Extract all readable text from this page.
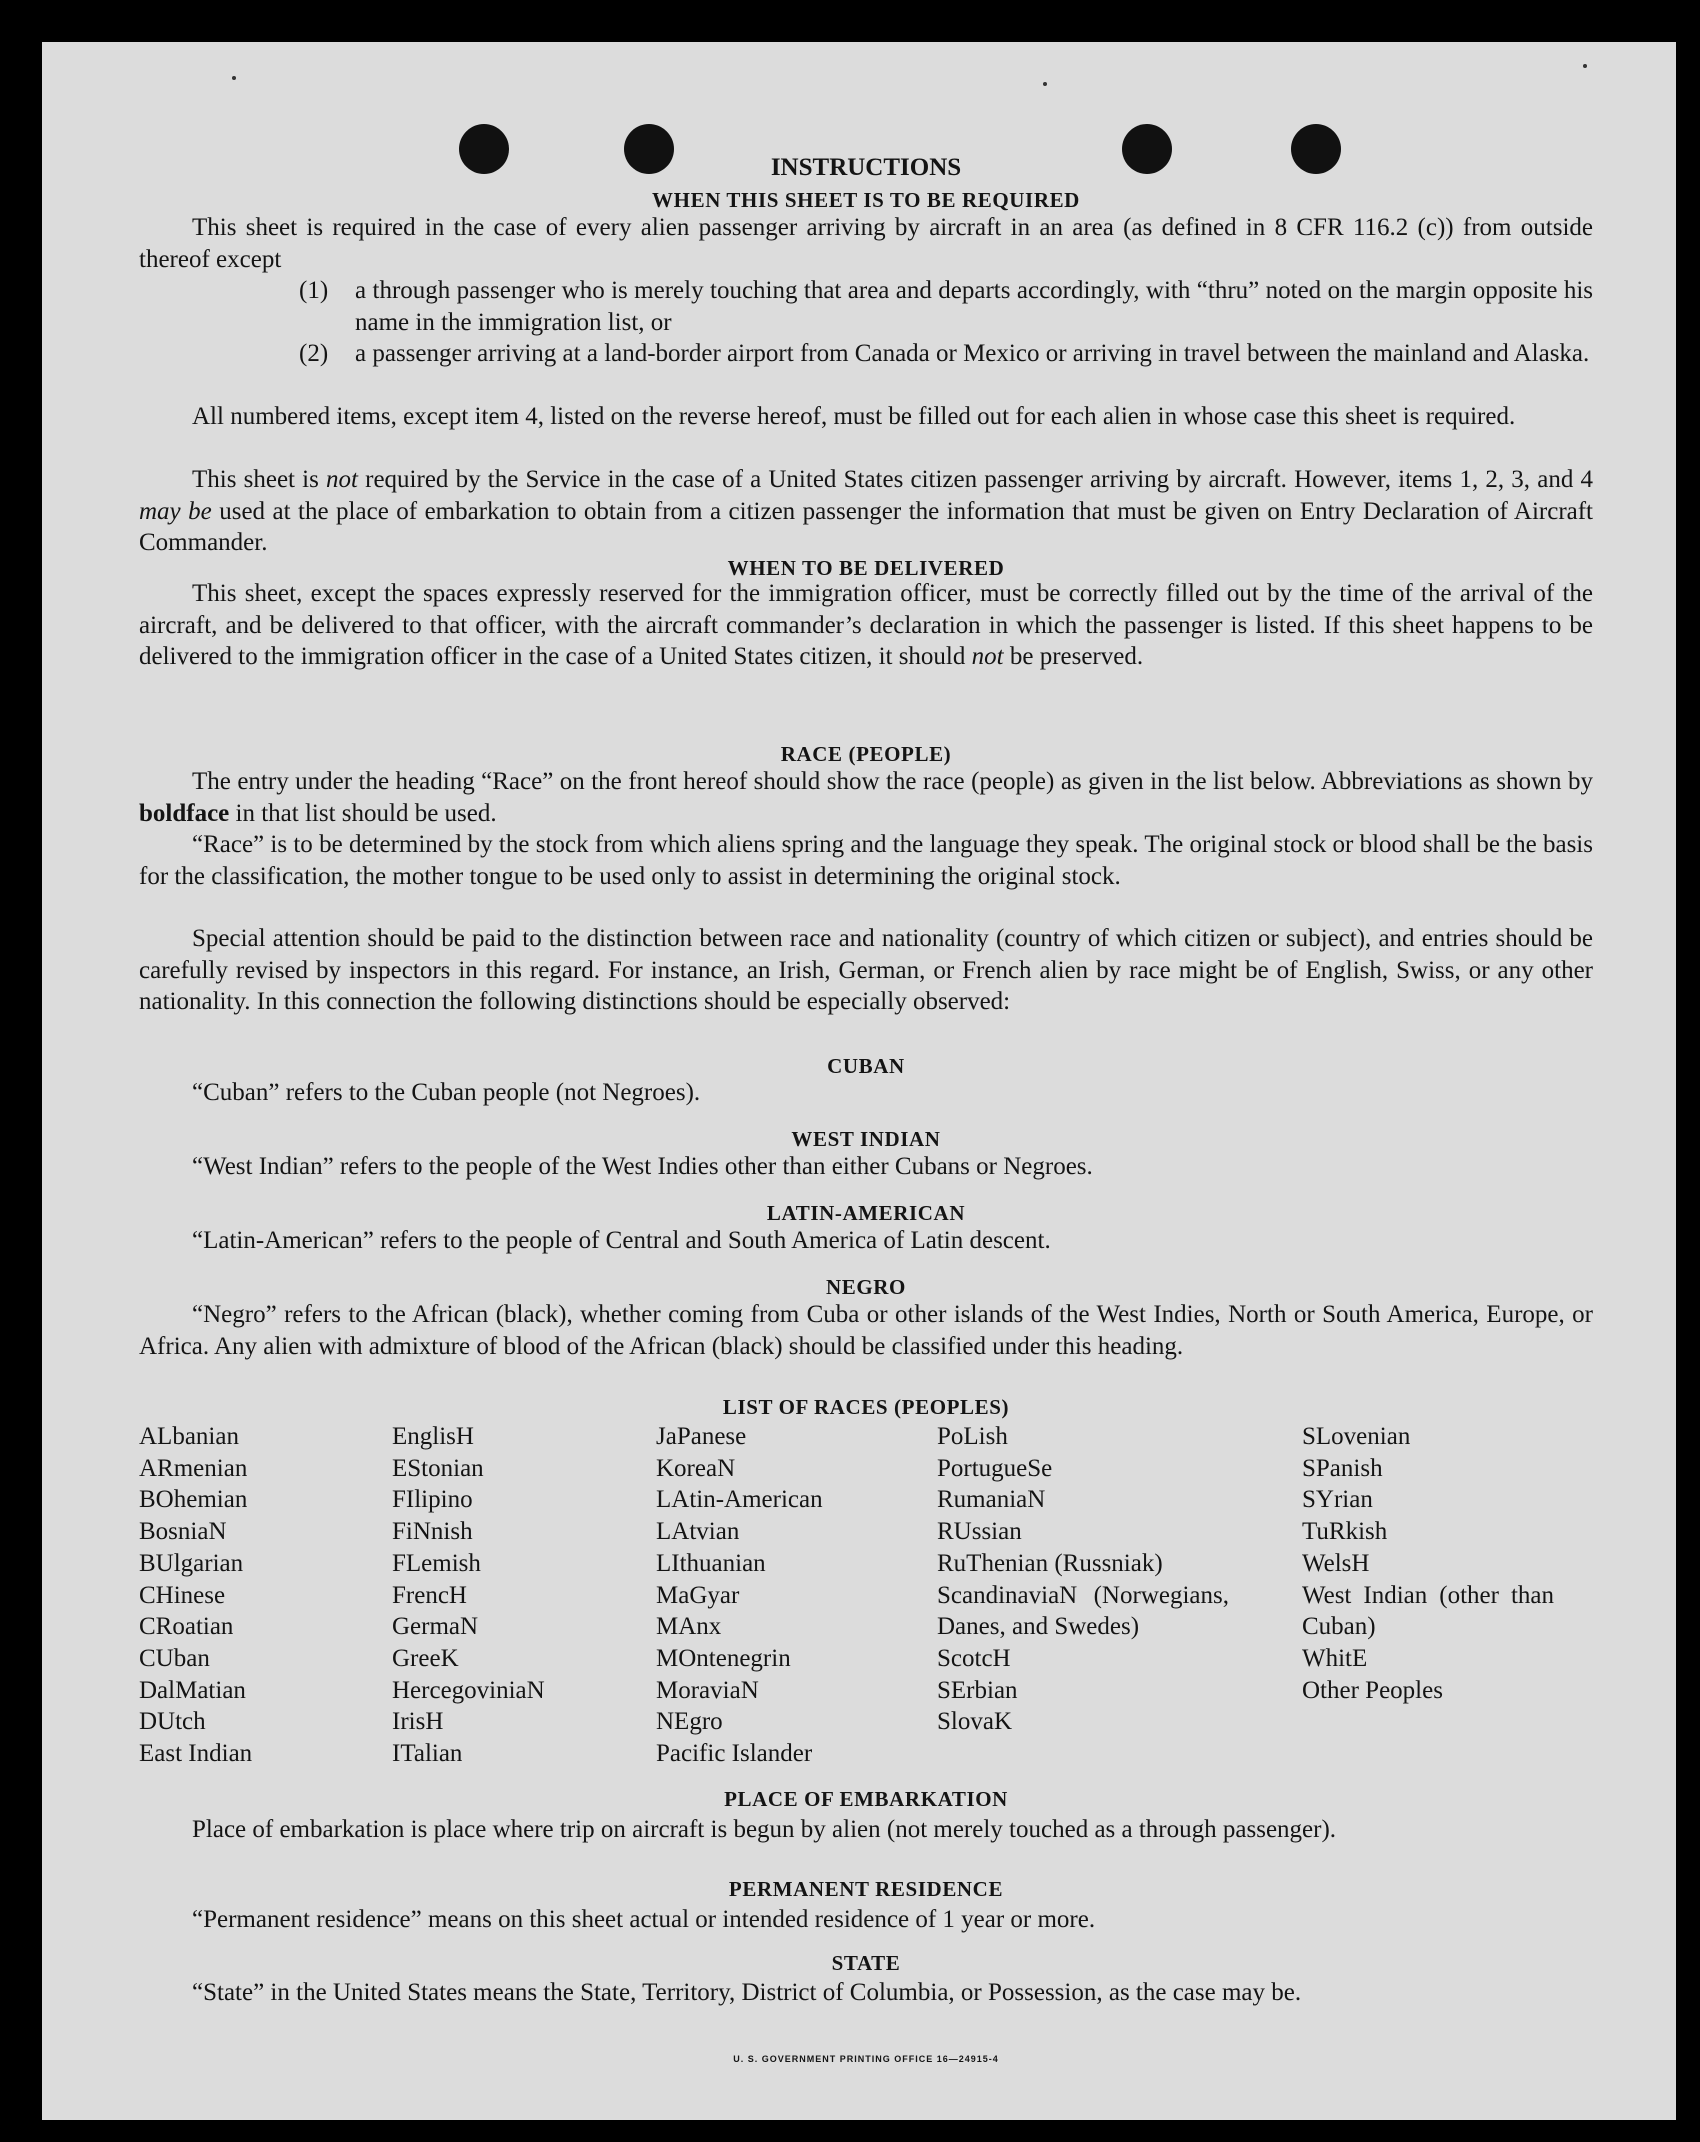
INSTRUCTIONS
WHEN THIS SHEET IS TO BE REQUIRED
This sheet is required in the case of every alien passenger arriving by aircraft in an area (as defined in 8 CFR 116.2 (c)) from outside thereof except
(1) a through passenger who is merely touching that area and departs accordingly, with “thru” noted on the margin opposite his name in the immigration list, or
(2) a passenger arriving at a land-border airport from Canada or Mexico or arriving in travel between the mainland and Alaska.
All numbered items, except item 4, listed on the reverse hereof, must be filled out for each alien in whose case this sheet is required.
This sheet is not required by the Service in the case of a United States citizen passenger arriving by aircraft. However, items 1, 2, 3, and 4 may be used at the place of embarkation to obtain from a citizen passenger the information that must be given on Entry Declaration of Aircraft Commander.
WHEN TO BE DELIVERED
This sheet, except the spaces expressly reserved for the immigration officer, must be correctly filled out by the time of the arrival of the aircraft, and be delivered to that officer, with the aircraft commander’s declaration in which the passenger is listed. If this sheet happens to be delivered to the immigration officer in the case of a United States citizen, it should not be preserved.
RACE (PEOPLE)
The entry under the heading “Race” on the front hereof should show the race (people) as given in the list below. Abbreviations as shown by boldface in that list should be used.
“Race” is to be determined by the stock from which aliens spring and the language they speak. The original stock or blood shall be the basis for the classification, the mother tongue to be used only to assist in determining the original stock.
Special attention should be paid to the distinction between race and nationality (country of which citizen or subject), and entries should be carefully revised by inspectors in this regard. For instance, an Irish, German, or French alien by race might be of English, Swiss, or any other nationality. In this connection the following distinctions should be especially observed:
CUBAN
“Cuban” refers to the Cuban people (not Negroes).
WEST INDIAN
“West Indian” refers to the people of the West Indies other than either Cubans or Negroes.
LATIN-AMERICAN
“Latin-American” refers to the people of Central and South America of Latin descent.
NEGRO
“Negro” refers to the African (black), whether coming from Cuba or other islands of the West Indies, North or South America, Europe, or Africa. Any alien with admixture of blood of the African (black) should be classified under this heading.
LIST OF RACES (PEOPLES)
ALbanian
ARmenian
BOhemian
BosniaN
BUlgarian
CHinese
CRoatian
CUban
DalMatian
DUtch
East Indian
EnglisH
EStonian
FIlipino
FiNnish
FLemish
FrencH
GermaN
GreeK
HercegoviniaN
IrisH
ITalian
JaPanese
KoreaN
LAtin-American
LAtvian
LIthuanian
MaGyar
MAnx
MOntenegrin
MoraviaN
NEgro
Pacific Islander
PoLish
PortugueSe
RumaniaN
RUssian
RuThenian (Russniak)
ScandinaviaN (Norwegians, Danes, and Swedes)
ScotcH
SErbian
SlovaK
SLovenian
SPanish
SYrian
TuRkish
WelsH
West Indian (other than Cuban)
WhitE
Other Peoples
PLACE OF EMBARKATION
Place of embarkation is place where trip on aircraft is begun by alien (not merely touched as a through passenger).
PERMANENT RESIDENCE
“Permanent residence” means on this sheet actual or intended residence of 1 year or more.
STATE
“State” in the United States means the State, Territory, District of Columbia, or Possession, as the case may be.
U. S. GOVERNMENT PRINTING OFFICE 16—24915-4
